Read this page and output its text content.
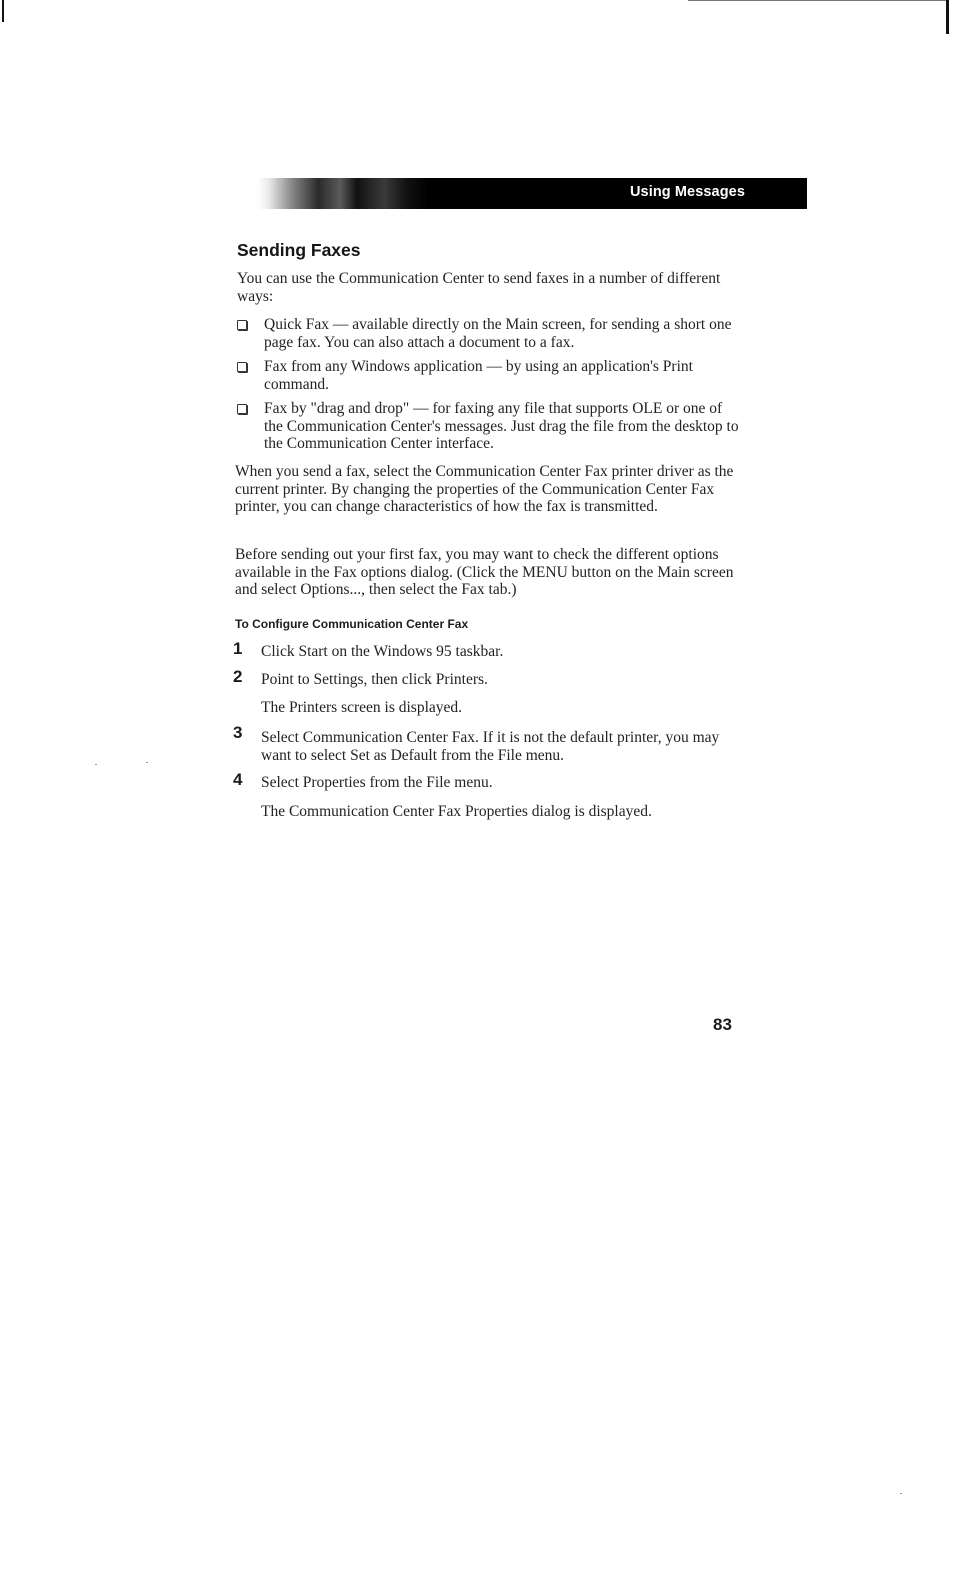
Using Messages
Sending Faxes

You can use the Communication Center to send faxes in a number of different ways:

Quick Fax — available directly on the Main screen, for sending a short one page fax. You can also attach a document to a fax.

Fax from any Windows application — by using an application's Print command.

Fax by "drag and drop" — for faxing any file that supports OLE or one of the Communication Center's messages. Just drag the file from the desktop to the Communication Center interface.

When you send a fax, select the Communication Center Fax printer driver as the current printer. By changing the properties of the Communication Center Fax printer, you can change characteristics of how the fax is transmitted.

Before sending out your first fax, you may want to check the different options available in the Fax options dialog. (Click the MENU button on the Main screen and select Options..., then select the Fax tab.)

To Configure Communication Center Fax
1 Click Start on the Windows 95 taskbar.

2 Point to Settings, then click Printers.

The Printers screen is displayed.

3 Select Communication Center Fax. If it is not the default printer, you may want to select Set as Default from the File menu.

4 Select Properties from the File menu.

The Communication Center Fax Properties dialog is displayed.

83
